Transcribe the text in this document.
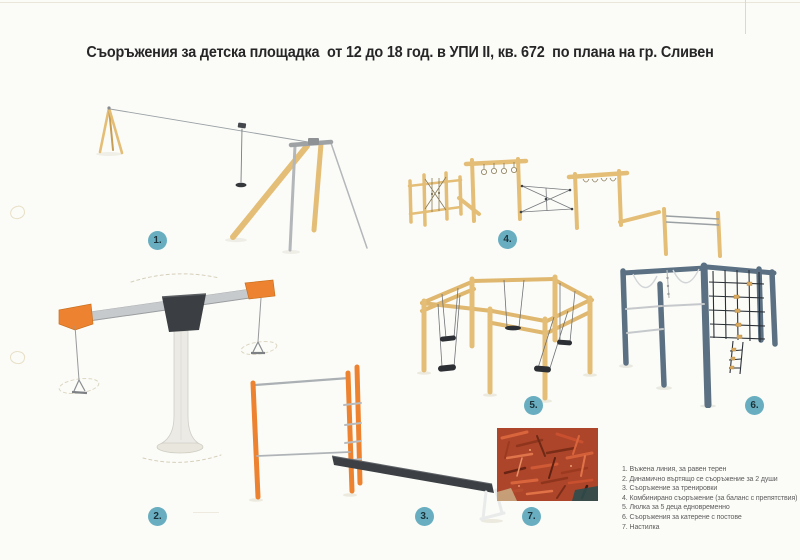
Съоръжения за детска площадка  от 12 до 18 год. в УПИ II, кв. 672  по плана на гр. Сливен
1.
2.	3.
4.
5.	6.
7.
1. Въжена линия, за равен терен
2. Динамично въртящо се съоръжение за 2 души
3. Съоръжение за тренировки
4. Комбинирано съоръжение (за баланс с препятствия)
5. Люлка за 5 деца едновременно
6. Съоръжения за катерене с постове
7. Настилка
